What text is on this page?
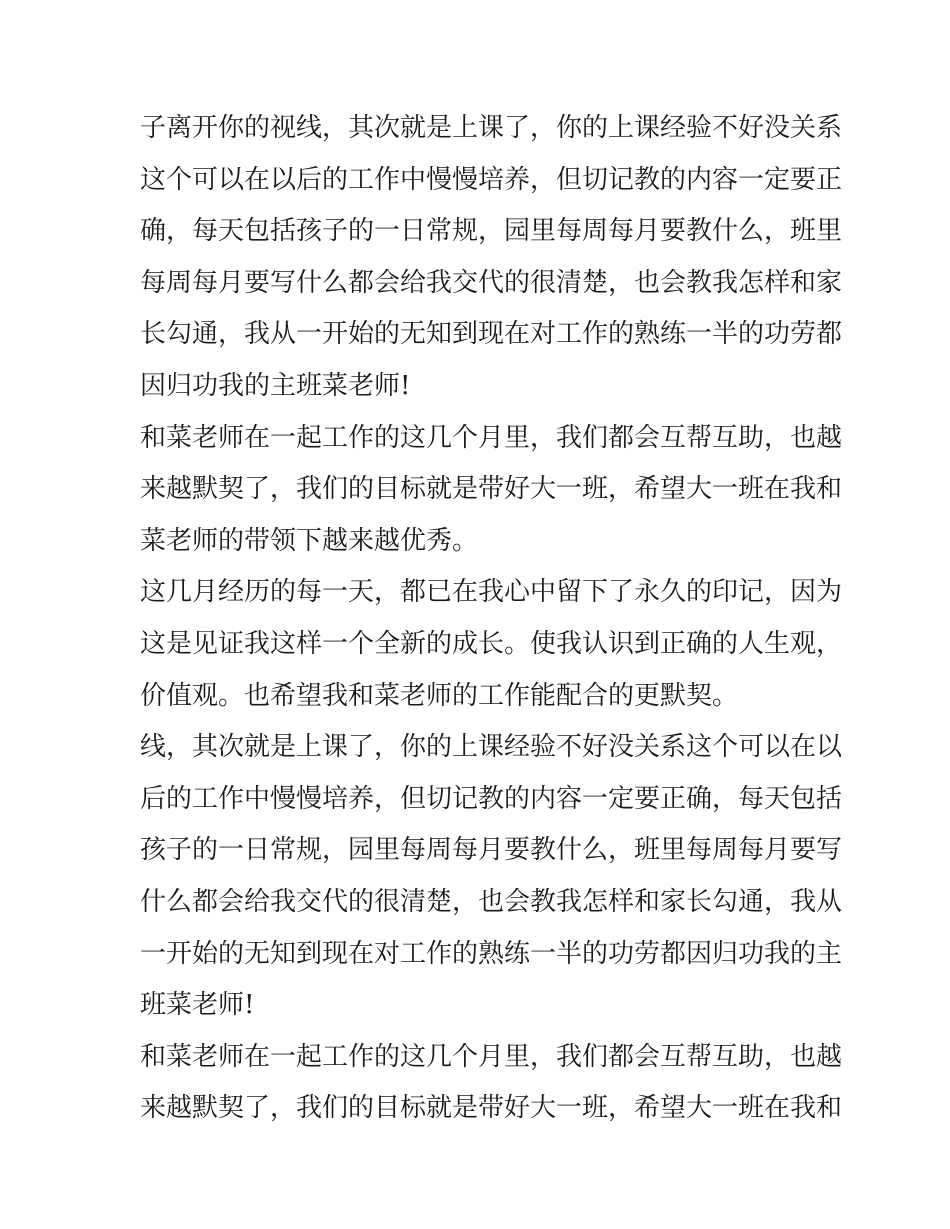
子离开你的视线，其次就是上课了，你的上课经验不好没关系
这个可以在以后的工作中慢慢培养，但切记教的内容一定要正
确，每天包括孩子的一日常规，园里每周每月要教什么，班里
每周每月要写什么都会给我交代的很清楚，也会教我怎样和家
长勾通，我从一开始的无知到现在对工作的熟练一半的功劳都
因归功我的主班菜老师!
和菜老师在一起工作的这几个月里，我们都会互帮互助，也越
来越默契了，我们的目标就是带好大一班，希望大一班在我和
菜老师的带领下越来越优秀。
这几月经历的每一天，都已在我心中留下了永久的印记，因为
这是见证我这样一个全新的成长。使我认识到正确的人生观，
价值观。也希望我和菜老师的工作能配合的更默契。
线，其次就是上课了，你的上课经验不好没关系这个可以在以
后的工作中慢慢培养，但切记教的内容一定要正确，每天包括
孩子的一日常规，园里每周每月要教什么，班里每周每月要写
什么都会给我交代的很清楚，也会教我怎样和家长勾通，我从
一开始的无知到现在对工作的熟练一半的功劳都因归功我的主
班菜老师!
和菜老师在一起工作的这几个月里，我们都会互帮互助，也越
来越默契了，我们的目标就是带好大一班，希望大一班在我和
